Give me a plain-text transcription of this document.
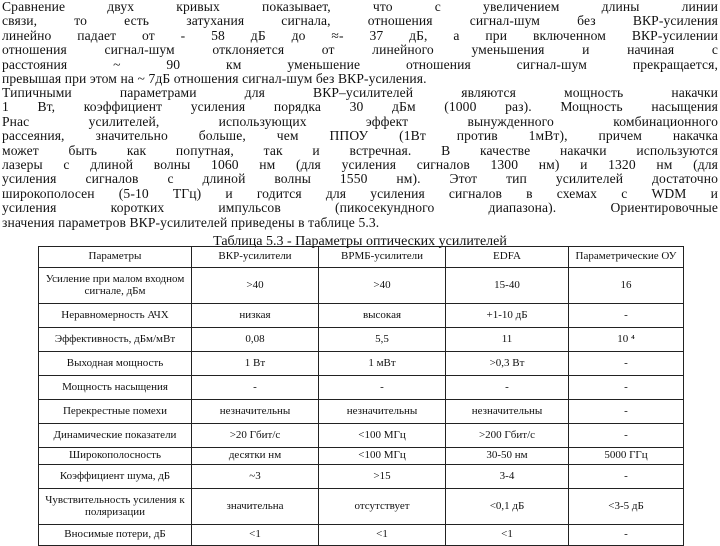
Сравнение двух кривых показывает, что с увеличением длины линии
связи, то есть затухания сигнала, отношения сигнал-шум без ВКР-усиления
линейно падает от - 58 дБ до ≈- 37 дБ, а при включенном ВКР-усилении
отношения сигнал-шум отклоняется от линейного уменьшения и начиная с
расстояния ~ 90 км уменьшение отношения сигнал-шум прекращается,
превышая при этом на ~ 7дБ отношения сигнал-шум без ВКР-усиления.
Типичными параметрами для ВКР–усилителей являются мощность накачки
1 Вт, коэффициент усиления порядка 30 дБм (1000 раз). Мощность насыщения
Pнас усилителей, использующих эффект вынужденного комбинационного
рассеяния, значительно больше, чем ППОУ (1Вт против 1мВт), причем накачка
может быть как попутная, так и встречная. В качестве накачки используются
лазеры с длиной волны 1060 нм (для усиления сигналов 1300 нм) и 1320 нм (для
усиления сигналов с длиной волны 1550 нм). Этот тип усилителей достаточно
широкополосен (5-10 ТГц) и годится для усиления сигналов в схемах с WDM и
усиления коротких импульсов (пикосекундного диапазона). Ориентировочные
значения параметров ВКР-усилителей приведены в таблице 5.3.
Таблица 5.3 - Параметры оптических усилителей
Параметры	ВКР-усилители	ВРМБ-усилители	EDFA	Параметрические ОУ
Усиление при малом входном сигнале, дБм	>40	>40	15-40	16
Неравномерность АЧХ	низкая	высокая	+1-10 дБ	-
Эффективность, дБм/мВт	0,08	5,5	11	10 ⁴
Выходная мощность	1 Вт	1 мВт	>0,3 Вт	-
Мощность насыщения	-	-	-	-
Перекрестные помехи	незначительны	незначительны	незначительны	-
Динамические показатели	>20 Гбит/с	<100 МГц	>200 Гбит/с	-
Широкополосность	десятки нм	<100 МГц	30-50 нм	5000 ГГц
Коэффициент шума, дБ	~3	>15	3-4	-
Чувствительность усиления к поляризации	значительна	отсутствует	<0,1 дБ	<3-5 дБ
Вносимые потери, дБ	<1	<1	<1	-
